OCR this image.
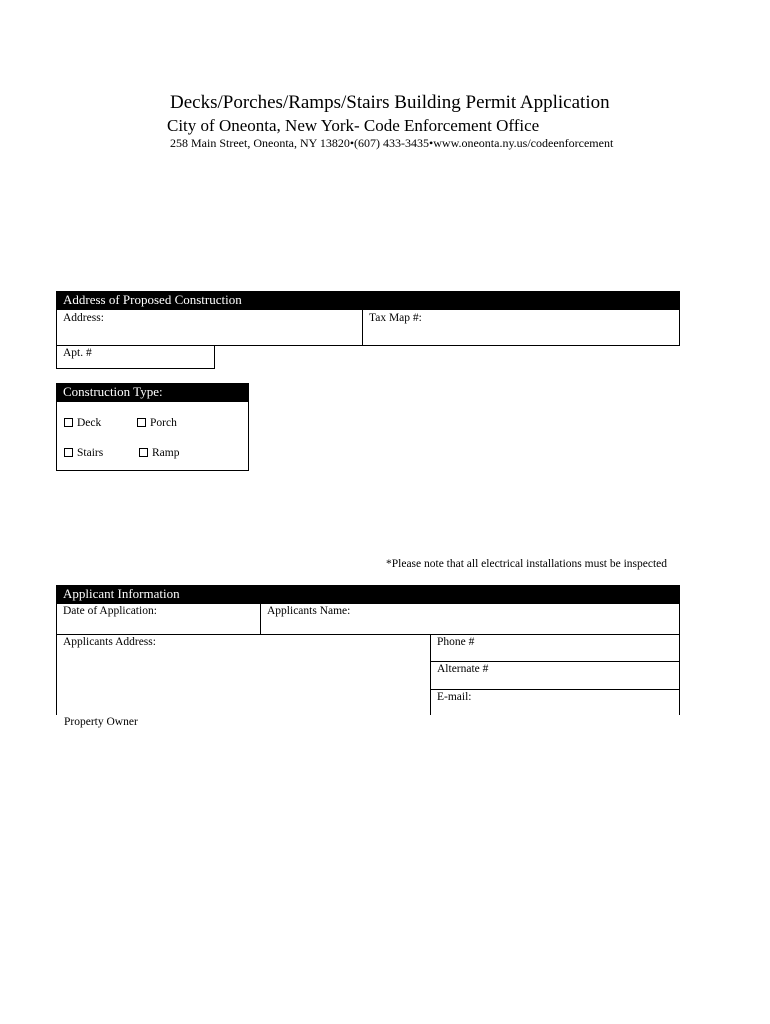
Decks/Porches/Ramps/Stairs Building Permit Application
City of Oneonta, New York- Code Enforcement Office
258 Main Street, Oneonta, NY 13820•(607) 433-3435•www.oneonta.ny.us/codeenforcement
Address of Proposed Construction
Address:	Tax Map #:
Apt. #
Construction Type:
Deck	Porch
Stairs	Ramp
*Please note that all electrical installations must be inspected
Applicant Information
Date of Application:	Applicants Name:
Applicants Address:	Phone #
Alternate #
E-mail:
Property Owner
